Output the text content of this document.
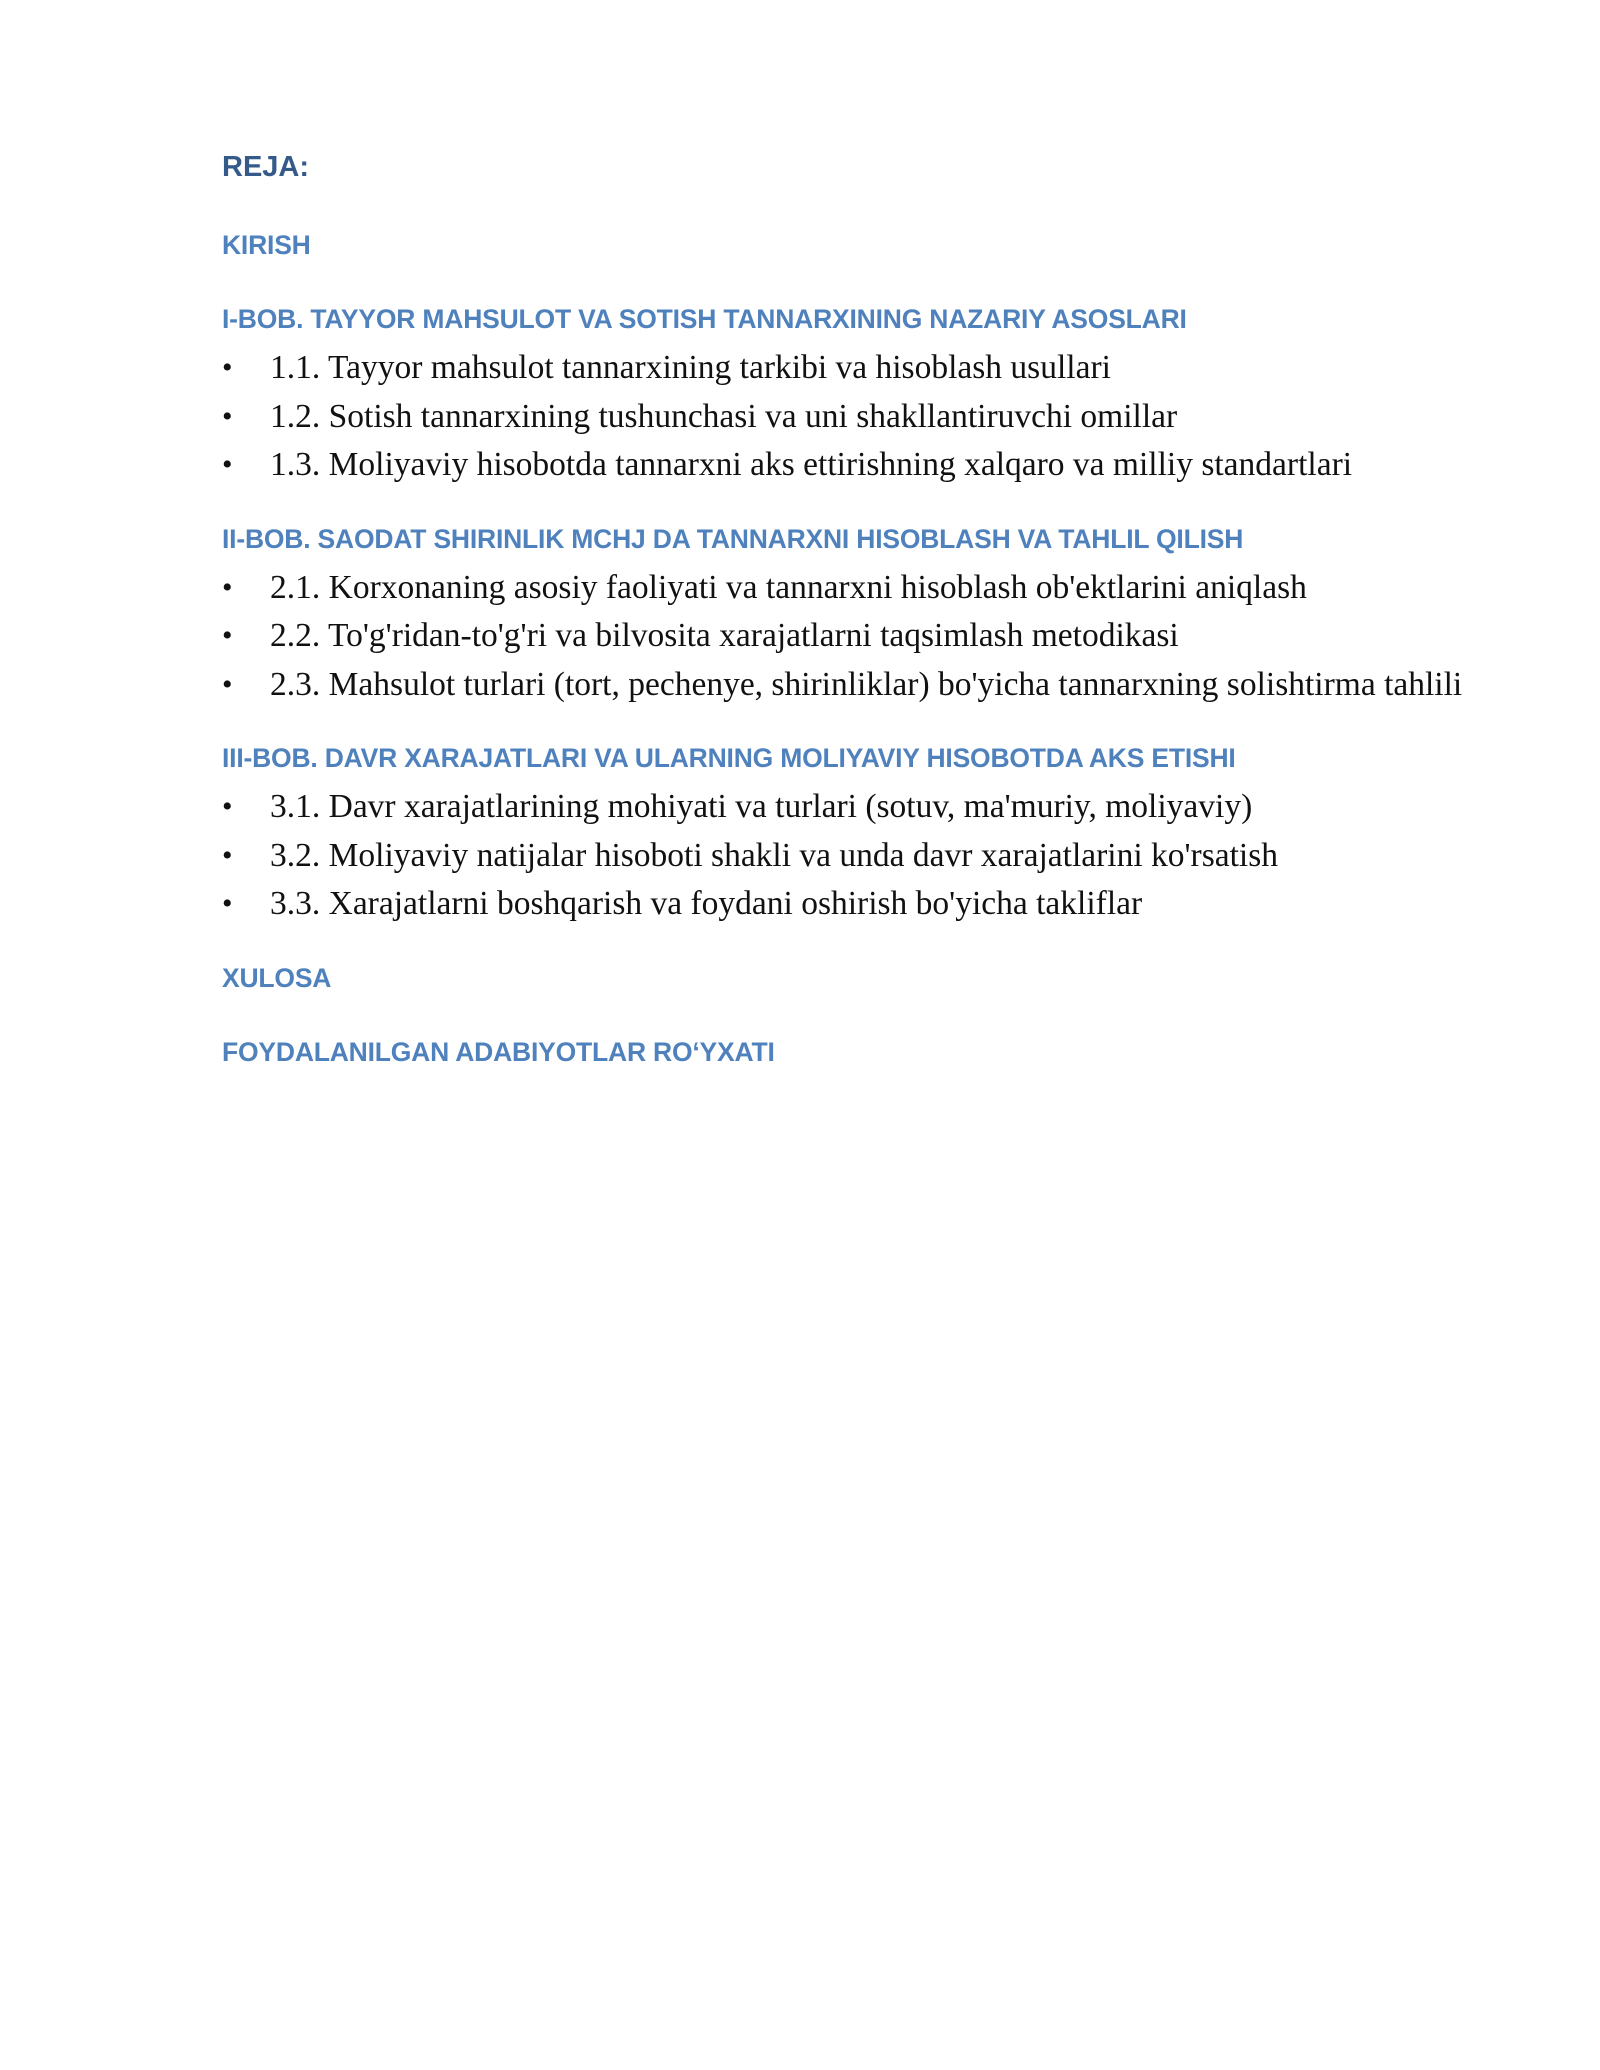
REJA:
KIRISH
I-BOB. TAYYOR MAHSULOT VA SOTISH TANNARXINING NAZARIY ASOSLARI
•	1.1. Tayyor mahsulot tannarxining tarkibi va hisoblash usullari
•	1.2. Sotish tannarxining tushunchasi va uni shakllantiruvchi omillar
•	1.3. Moliyaviy hisobotda tannarxni aks ettirishning xalqaro va milliy standartlari
II-BOB. SAODAT SHIRINLIK MCHJ DA TANNARXNI HISOBLASH VA TAHLIL QILISH
•	2.1. Korxonaning asosiy faoliyati va tannarxni hisoblash ob'ektlarini aniqlash
•	2.2. To'g'ridan-to'g'ri va bilvosita xarajatlarni taqsimlash metodikasi
•	2.3. Mahsulot turlari (tort, pechenye, shirinliklar) bo'yicha tannarxning solishtirma tahlili
III-BOB. DAVR XARAJATLARI VA ULARNING MOLIYAVIY HISOBOTDA AKS ETISHI
•	3.1. Davr xarajatlarining mohiyati va turlari (sotuv, ma'muriy, moliyaviy)
•	3.2. Moliyaviy natijalar hisoboti shakli va unda davr xarajatlarini ko'rsatish
•	3.3. Xarajatlarni boshqarish va foydani oshirish bo'yicha takliflar
XULOSA
FOYDALANILGAN ADABIYOTLAR RO‘YXATI
